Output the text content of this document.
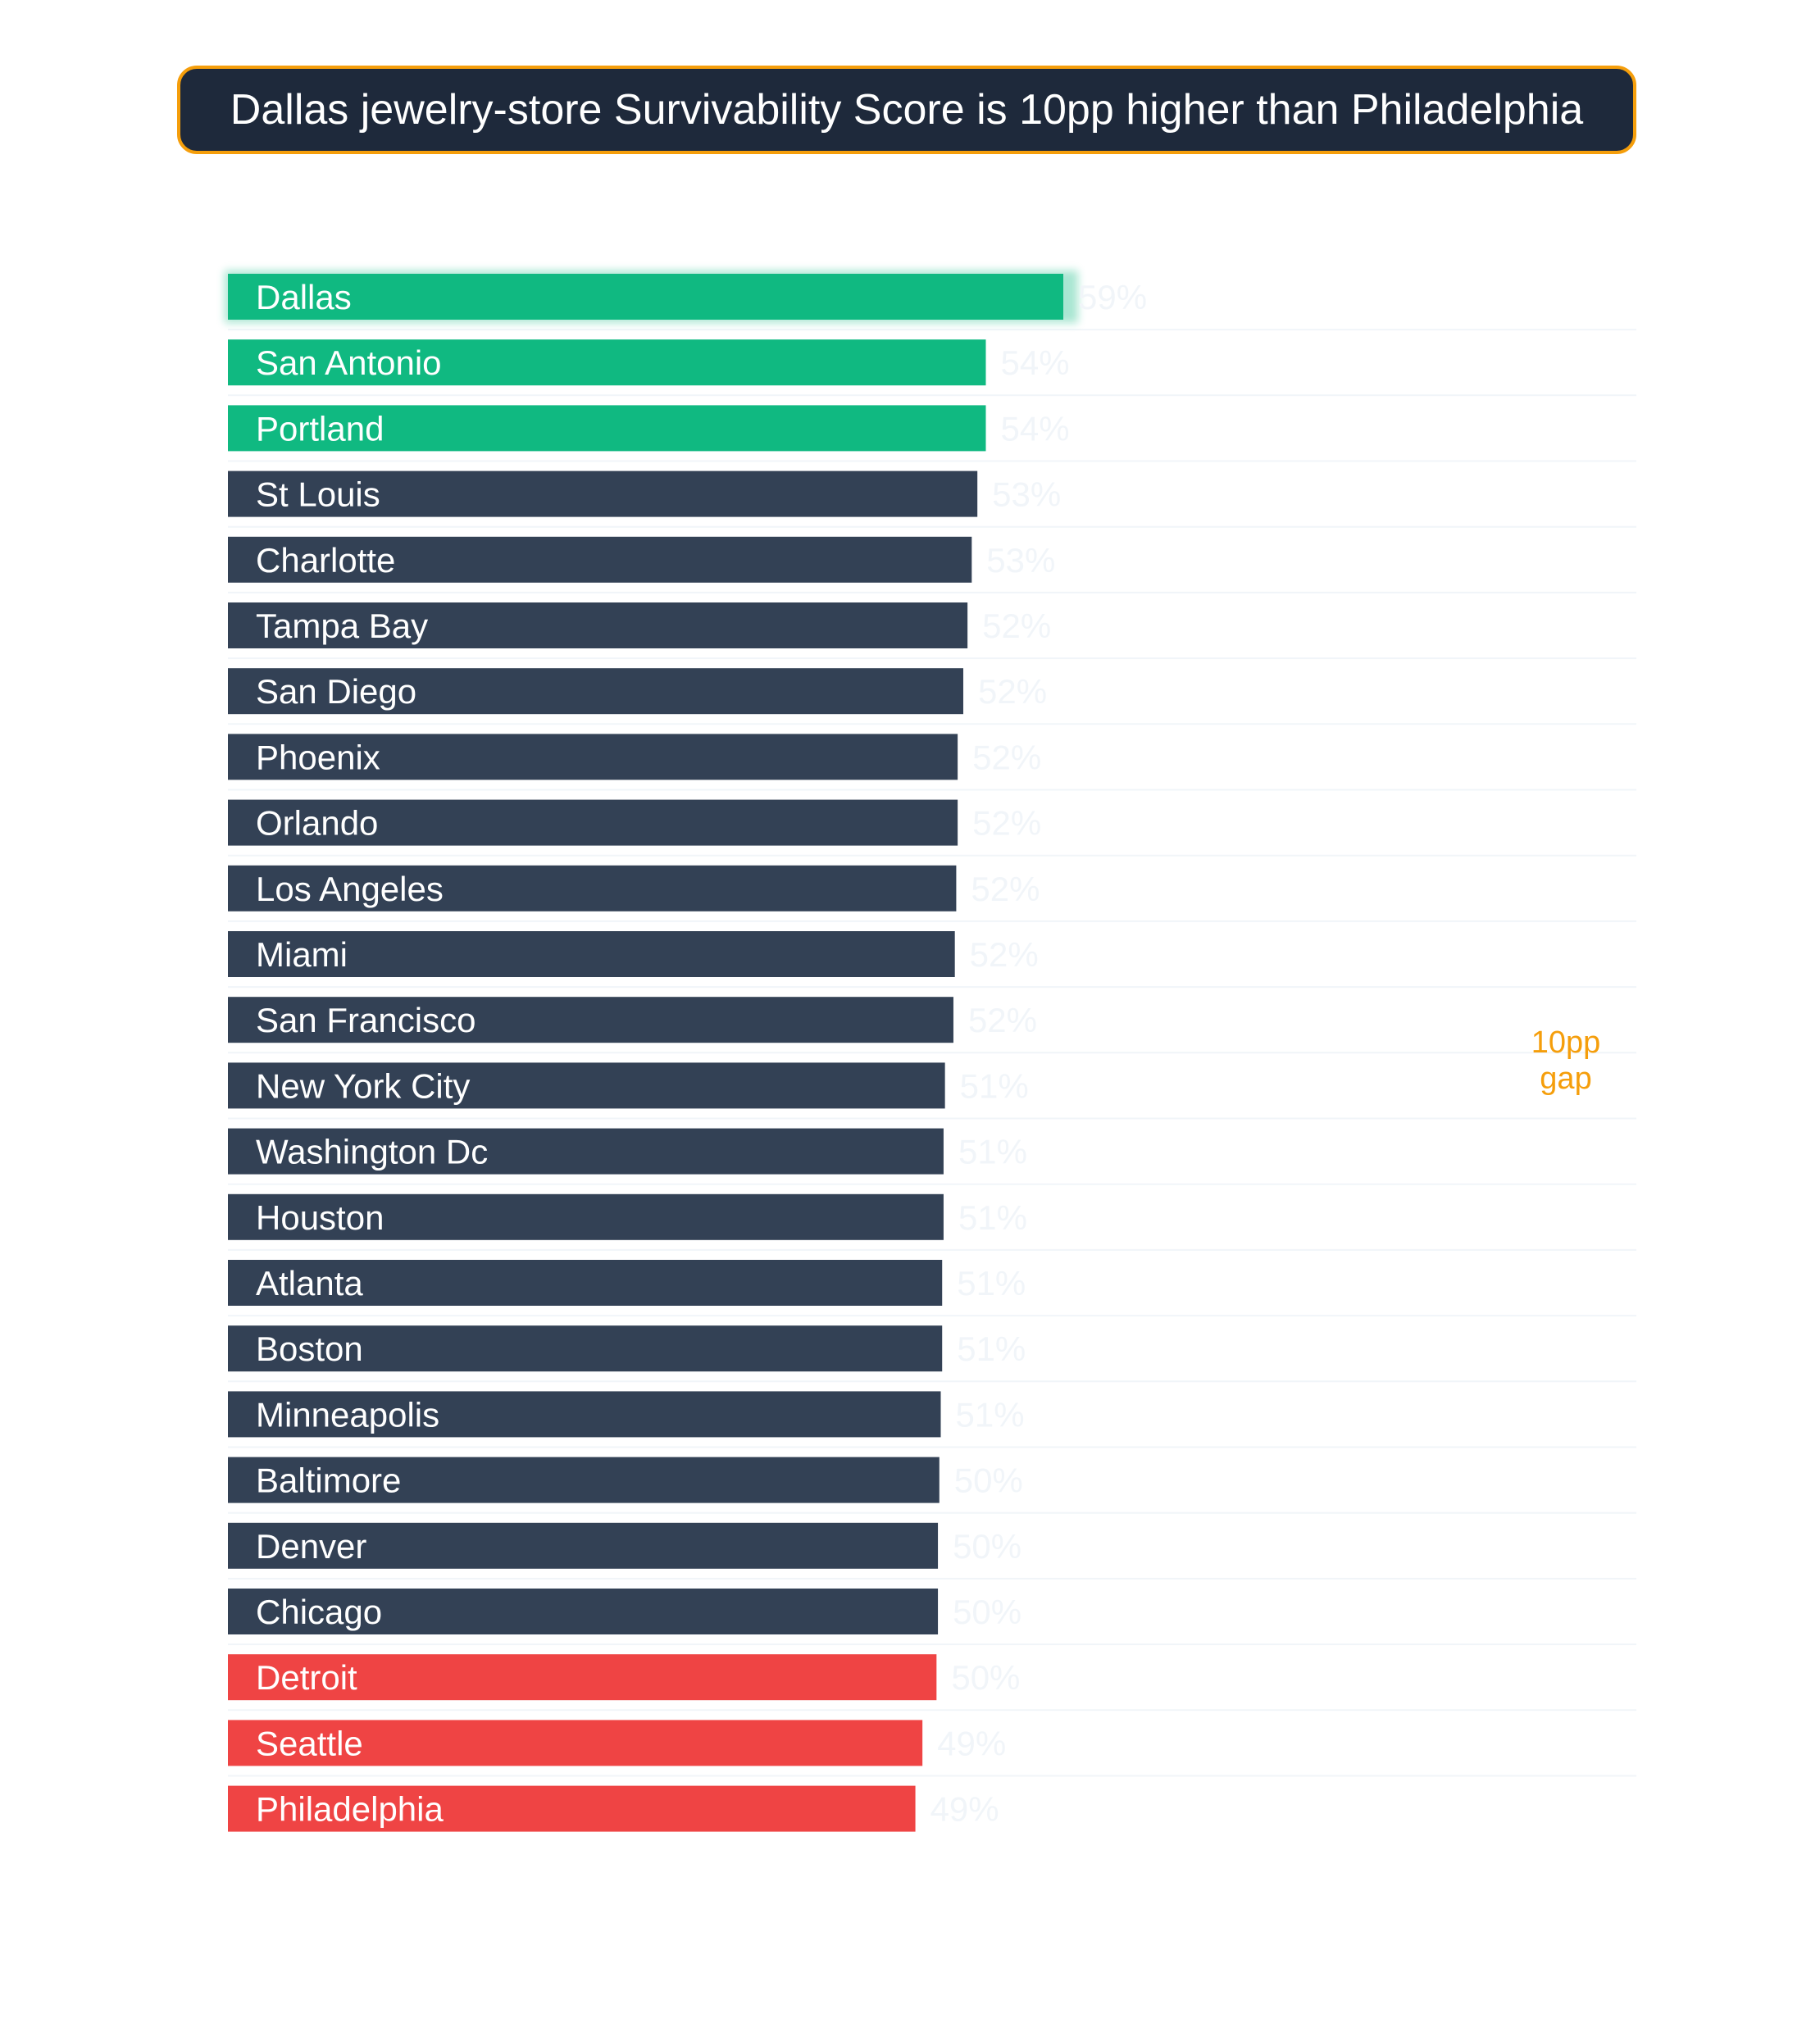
Dallas jewelry-store Survivability Score is 10pp higher than Philadelphia
Dallas
San Antonio
Portland
St Louis
Charlotte
Tampa Bay
San Diego
Phoenix
Orlando
Los Angeles
Miami
San Francisco
New York City
Washington Dc
Houston
Atlanta
Boston
Minneapolis
Baltimore
Denver
Chicago
Detroit
Seattle
Philadelphia
59%
54%
54%
53%
53%
52%
52%
52%
52%
52%
52%
52%
51%
51%
51%
51%
51%
51%
50%
50%
50%
50%
49%
49%
10pp
gap
